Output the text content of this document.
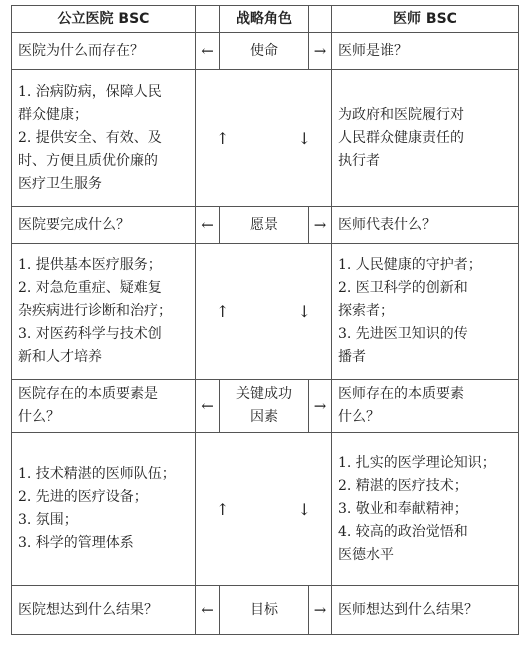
公立医院 BSC		战略角色		医师 BSC

医院为什么而存在？	←	使命	→	医师是谁？

1. 治病防病，保障人民
群众健康；
2. 提供安全、有效、及
时、方便且质优价廉的
医疗卫生服务	↑ ↓			为政府和医院履行对
人民群众健康责任的
执行者

医院要完成什么？	←	愿景	→	医师代表什么？

1. 提供基本医疗服务；
2. 对急危重症、疑难复
杂疾病进行诊断和治疗；
3. 对医药科学与技术创
新和人才培养	↑ ↓			1. 人民健康的守护者；
2. 医卫科学的创新和
探索者；
3. 先进医卫知识的传
播者

医院存在的本质要素是
什么？	←	关键成功
因素	→	医师存在的本质要素
什么？

1. 技术精湛的医师队伍；
2. 先进的医疗设备；
3. 氛围；
3. 科学的管理体系	↑ ↓			1. 扎实的医学理论知识；
2. 精湛的医疗技术；
3. 敬业和奉献精神；
4. 较高的政治觉悟和
医德水平

医院想达到什么结果？	←	目标	→	医师想达到什么结果？
